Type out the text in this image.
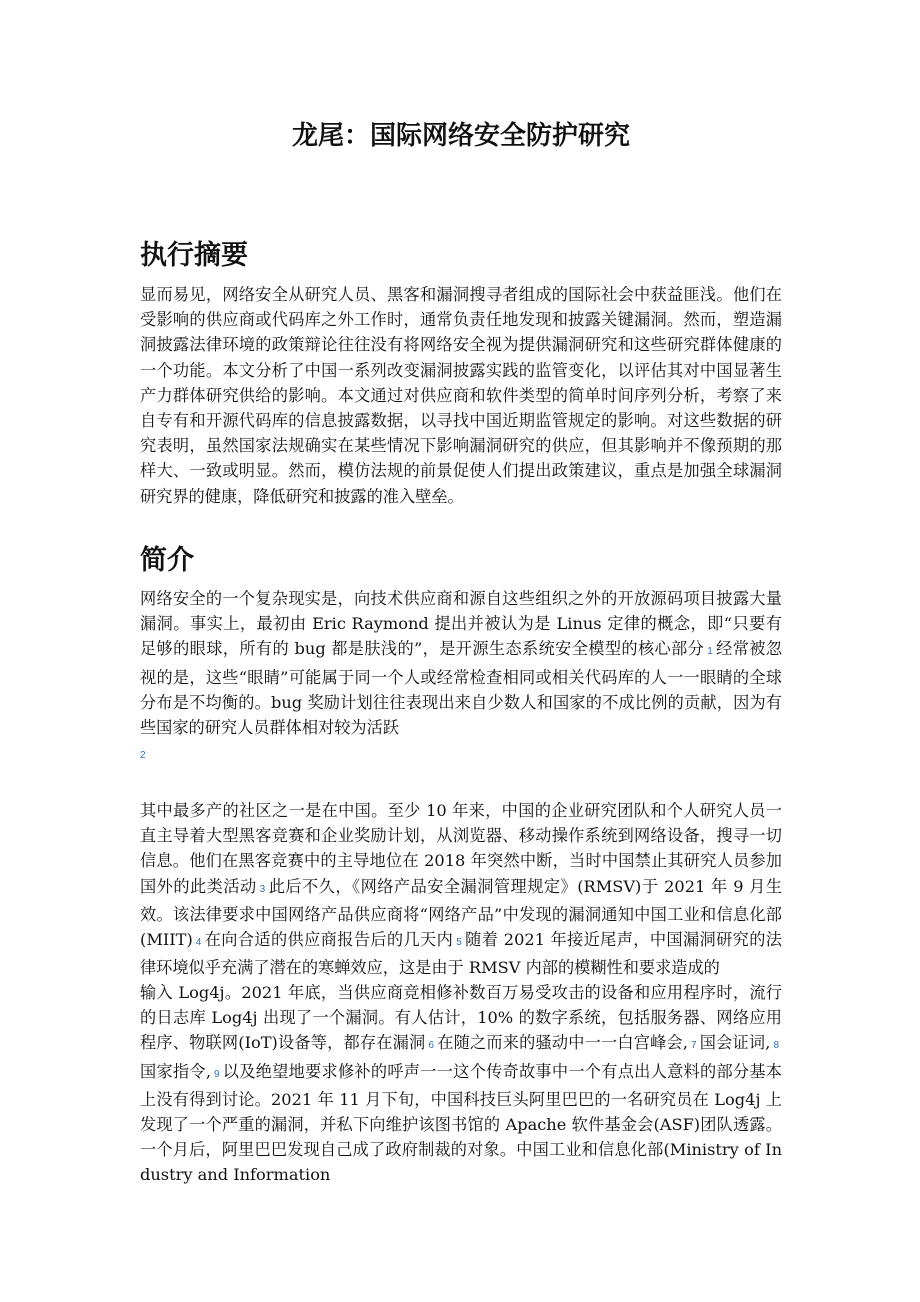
龙尾：国际网络安全防护研究
执行摘要

显而易见，网络安全从研究人员、黑客和漏洞搜寻者组成的国际社会中获益匪浅。他们在受影响的供应商或代码库之外工作时，通常负责任地发现和披露关键漏洞。然而，塑造漏洞披露法律环境的政策辩论往往没有将网络安全视为提供漏洞研究和这些研究群体健康的一个功能。本文分析了中国一系列改变漏洞披露实践的监管变化，以评估其对中国显著生产力群体研究供给的影响。本文通过对供应商和软件类型的简单时间序列分析，考察了来自专有和开源代码库的信息披露数据，以寻找中国近期监管规定的影响。对这些数据的研究表明，虽然国家法规确实在某些情况下影响漏洞研究的供应，但其影响并不像预期的那样大、一致或明显。然而，模仿法规的前景促使人们提出政策建议，重点是加强全球漏洞研究界的健康，降低研究和披露的准入壁垒。

简介

网络安全的一个复杂现实是，向技术供应商和源自这些组织之外的开放源码项目披露大量漏洞。事实上，最初由 Eric Raymond 提出并被认为是 Linus 定律的概念，即“只要有足够的眼球，所有的 bug 都是肤浅的”，是开源生态系统安全模型的核心部分 1 经常被忽视的是，这些“眼睛”可能属于同一个人或经常检查相同或相关代码库的人一一眼睛的全球分布是不均衡的。bug 奖励计划往往表现出来自少数人和国家的不成比例的贡献，因为有些国家的研究人员群体相对较为活跃
2

其中最多产的社区之一是在中国。至少 10 年来，中国的企业研究团队和个人研究人员一直主导着大型黑客竞赛和企业奖励计划，从浏览器、移动操作系统到网络设备，搜寻一切信息。他们在黑客竞赛中的主导地位在 2018 年突然中断，当时中国禁止其研究人员参加国外的此类活动 3 此后不久，《网络产品安全漏洞管理规定》(RMSV)于 2021 年 9 月生效。该法律要求中国网络产品供应商将“网络产品”中发现的漏洞通知中国工业和信息化部(MIIT) 4 在向合适的供应商报告后的几天内 5 随着 2021 年接近尾声，中国漏洞研究的法律环境似乎充满了潜在的寒蝉效应，这是由于 RMSV 内部的模糊性和要求造成的

输入 Log4j。2021 年底，当供应商竞相修补数百万易受攻击的设备和应用程序时，流行的日志库 Log4j 出现了一个漏洞。有人估计，10% 的数字系统，包括服务器、网络应用程序、物联网(IoT)设备等，都存在漏洞 6 在随之而来的骚动中一一白宫峰会, 7 国会证词, 8国家指令, 9 以及绝望地要求修补的呼声一一这个传奇故事中一个有点出人意料的部分基本上没有得到讨论。2021 年 11 月下旬，中国科技巨头阿里巴巴的一名研究员在 Log4j 上发现了一个严重的漏洞，并私下向维护该图书馆的 Apache 软件基金会(ASF)团队透露。一个月后，阿里巴巴发现自己成了政府制裁的对象。中国工业和信息化部(Ministry of Industry and Information
